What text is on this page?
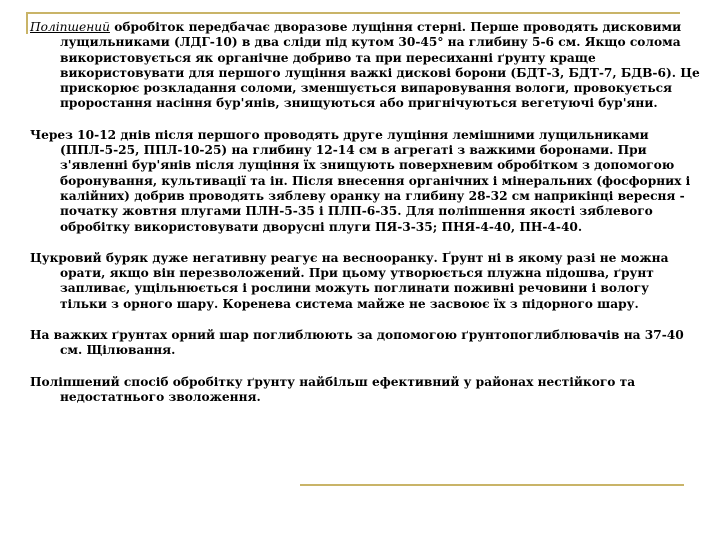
Поліпшений обробіток передбачає дворазове лущіння стерні. Перше проводять дисковими лущильниками (ЛДГ-10) в два сліди під кутом 30-45° на глибину 5-6 см. Якщо солома використовується як органічне добриво та при пересиханні ґрунту краще використовувати для першого лущіння важкі дискові борони (БДТ-3, БДТ-7, БДВ-6). Це прискорює розкладання соломи, зменшується випаровування вологи, провокується проростання насіння бур'янів, знищуються або пригнічуються вегетуючі бур'яни.

Через 10-12 днів після першого проводять друге лущіння лемішними лущильниками (ППЛ-5-25, ППЛ-10-25) на глибину 12-14 см в агрегаті з важкими боронами. При з'явленні бур'янів після лущіння їх знищують поверхневим обробітком з допомогою боронування, культивації та ін. Після внесення органічних і мінеральних (фосфорних і калійних) добрив проводять зяблеву оранку на глибину 28-32 см наприкінці вересня - початку жовтня плугами ПЛН-5-35 і ПЛП-6-35. Для поліпшення якості зяблевого обробітку використовувати дворусні плуги ПЯ-3-35; ПНЯ-4-40, ПН-4-40.

Цукровий буряк дуже негативну реагує на весноорaнку. Ґрунт ні в якому разі не можна орати, якщо він перезволожений. При цьому утворюється плужна підошва, ґрунт запливає, ущільнюється і рослини можуть поглинати поживні речовини і вологу тільки з орного шару. Коренева система майже не засвоює їх з підорного шару.

На важких ґрунтах орний шар поглиблюють за допомогою ґрунтопоглиблювачів на 37-40 см. Щілювання.

Поліпшений спосіб обробітку ґрунту найбільш ефективний у районах нестійкого та недостатнього зволоження.
